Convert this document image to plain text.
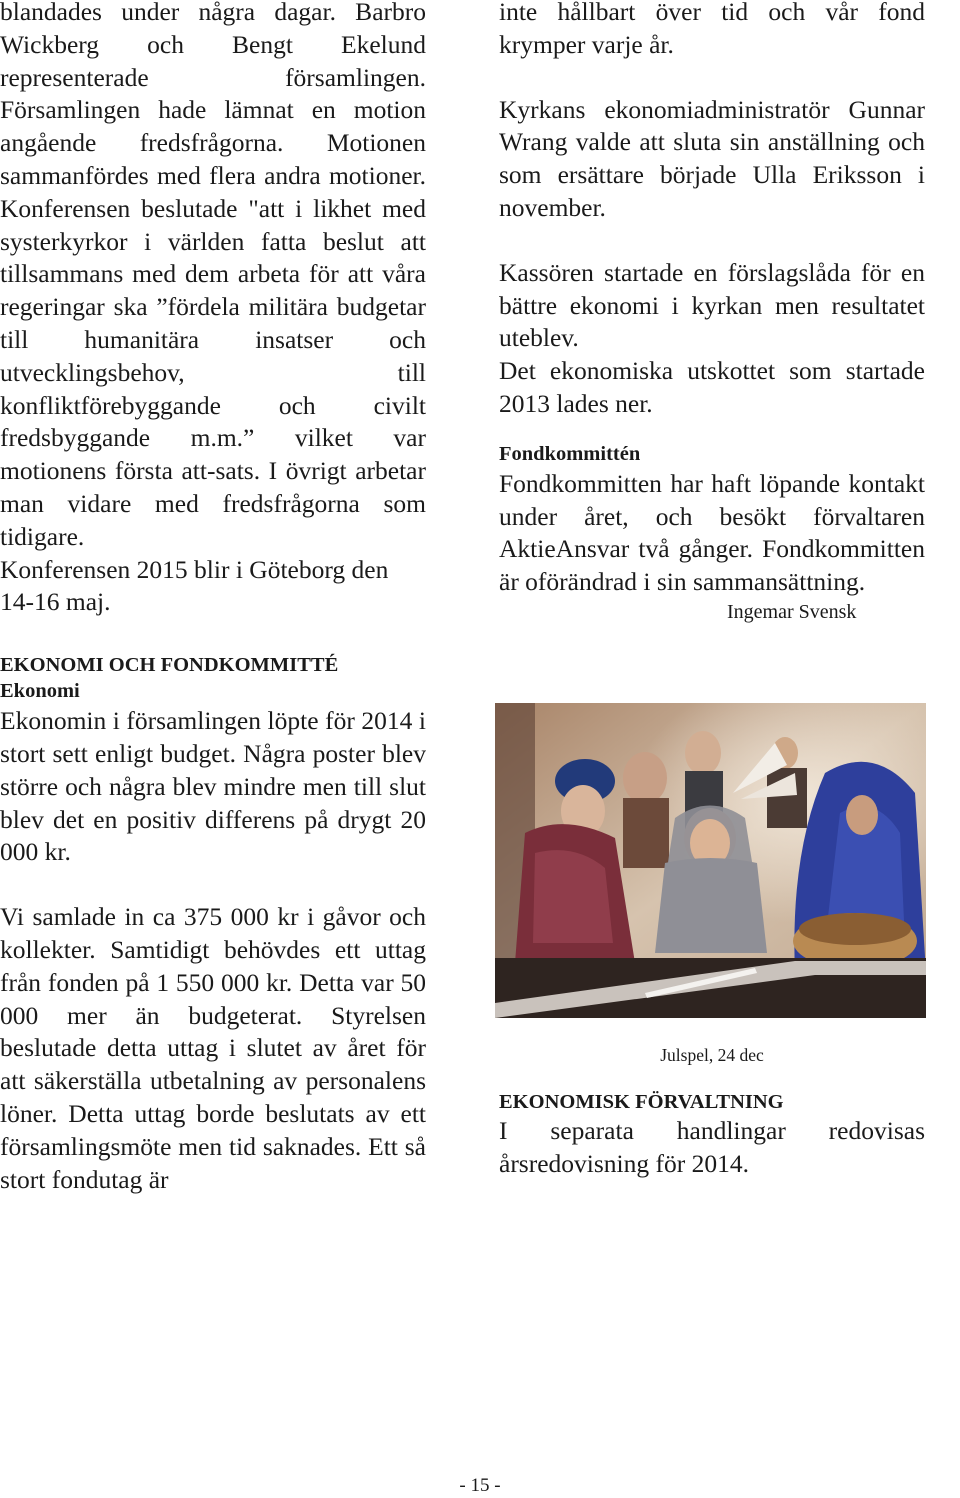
blandades under några dagar. Barbro Wickberg och Bengt Ekelund representerade församlingen. Församlingen hade lämnat en motion angående fredsfrågorna. Motionen sammanfördes med flera andra motioner. Konferensen beslutade "att i likhet med systerkyrkor i världen fatta beslut att tillsammans med dem arbeta för att våra regeringar ska ”fördela militära budgetar till humanitära insatser och utvecklingsbehov, till konfliktförebyggande och civilt fredsbyggande m.m.” vilket var motionens första att-sats. I övrigt arbetar man vidare med fredsfrågorna som tidigare.

Konferensen 2015 blir i Göteborg den 14-16 maj.

EKONOMI OCH FONDKOMMITTÉ

Ekonomi

Ekonomin i församlingen löpte för 2014 i stort sett enligt budget. Några poster blev större och några blev mindre men till slut blev det en positiv differens på drygt 20 000 kr.

Vi samlade in ca 375 000 kr i gåvor och kollekter. Samtidigt behövdes ett uttag från fonden på 1 550 000 kr. Detta var 50 000 mer än budgeterat. Styrelsen beslutade detta uttag i slutet av året för att säkerställa utbetalning av personalens löner. Detta uttag borde beslutats av ett församlingsmöte men tid saknades. Ett så stort fondutag är

inte hållbart över tid och vår fond krymper varje år.

Kyrkans ekonomiadministratör Gunnar Wrang valde att sluta sin anställning och som ersättare började Ulla Eriksson i november.

Kassören startade en förslagslåda för en bättre ekonomi i kyrkan men resultatet uteblev.

Det ekonomiska utskottet som startade 2013 lades ner.

Fondkommittén

Fondkommitten har haft löpande kontakt under året, och besökt förvaltaren AktieAnsvar två gånger. Fondkommitten är oförändrad i sin sammansättning.

Ingemar Svensk

Julspel, 24 dec

EKONOMISK FÖRVALTNING

I separata handlingar redovisas årsredovisning för 2014.

- 15 -
